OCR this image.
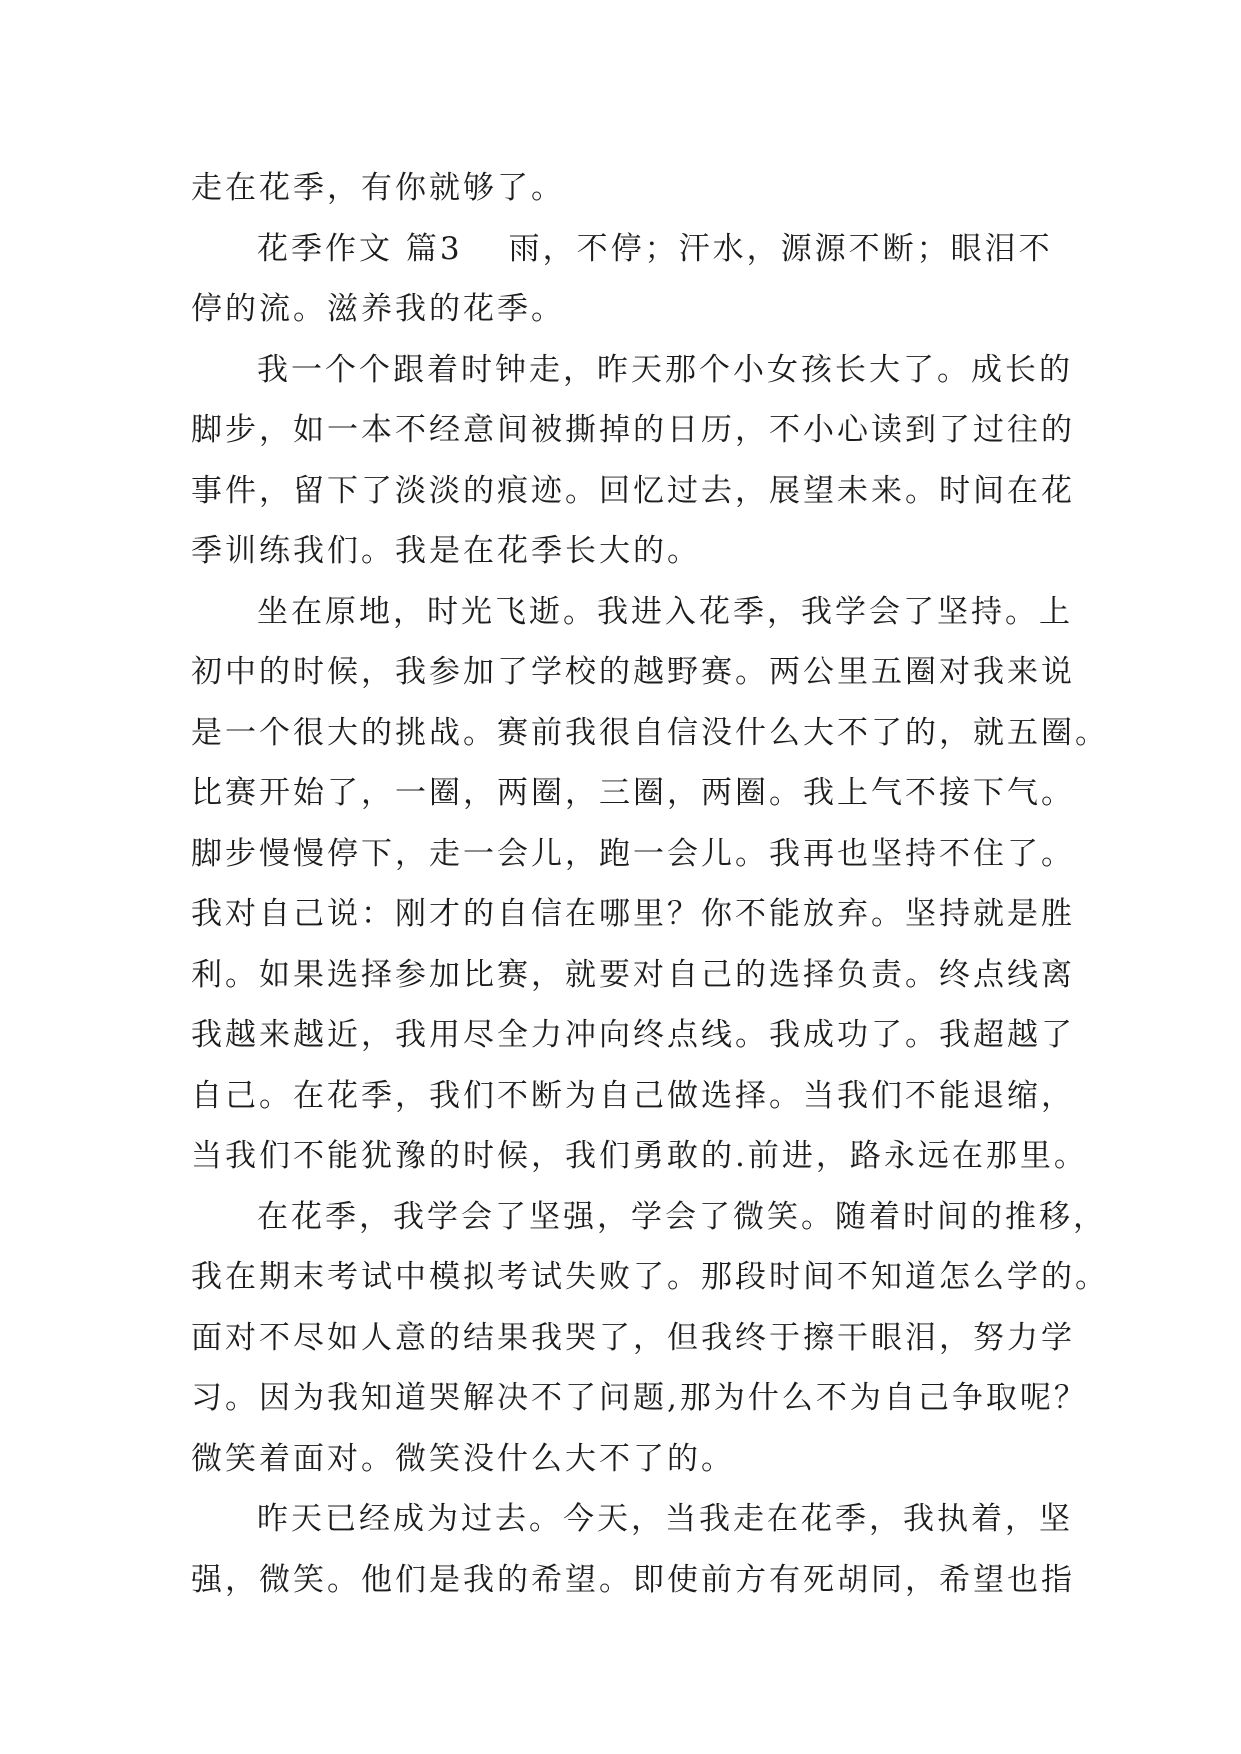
走在花季，有你就够了。
花季作文 篇3 雨，不停；汗水，源源不断；眼泪不
停的流。滋养我的花季。
我一个个跟着时钟走，昨天那个小女孩长大了。成长的
脚步，如一本不经意间被撕掉的日历，不小心读到了过往的
事件，留下了淡淡的痕迹。回忆过去，展望未来。时间在花
季训练我们。我是在花季长大的。
坐在原地，时光飞逝。我进入花季，我学会了坚持。上
初中的时候，我参加了学校的越野赛。两公里五圈对我来说
是一个很大的挑战。赛前我很自信没什么大不了的，就五圈。
比赛开始了，一圈，两圈，三圈，两圈。我上气不接下气。
脚步慢慢停下，走一会儿，跑一会儿。我再也坚持不住了。
我对自己说：刚才的自信在哪里？你不能放弃。坚持就是胜
利。如果选择参加比赛，就要对自己的选择负责。终点线离
我越来越近，我用尽全力冲向终点线。我成功了。我超越了
自己。在花季，我们不断为自己做选择。当我们不能退缩，
当我们不能犹豫的时候，我们勇敢的.前进，路永远在那里。
在花季，我学会了坚强，学会了微笑。随着时间的推移，
我在期末考试中模拟考试失败了。那段时间不知道怎么学的。
面对不尽如人意的结果我哭了，但我终于擦干眼泪，努力学
习。因为我知道哭解决不了问题,那为什么不为自己争取呢？
微笑着面对。微笑没什么大不了的。
昨天已经成为过去。今天，当我走在花季，我执着，坚
强，微笑。他们是我的希望。即使前方有死胡同，希望也指
